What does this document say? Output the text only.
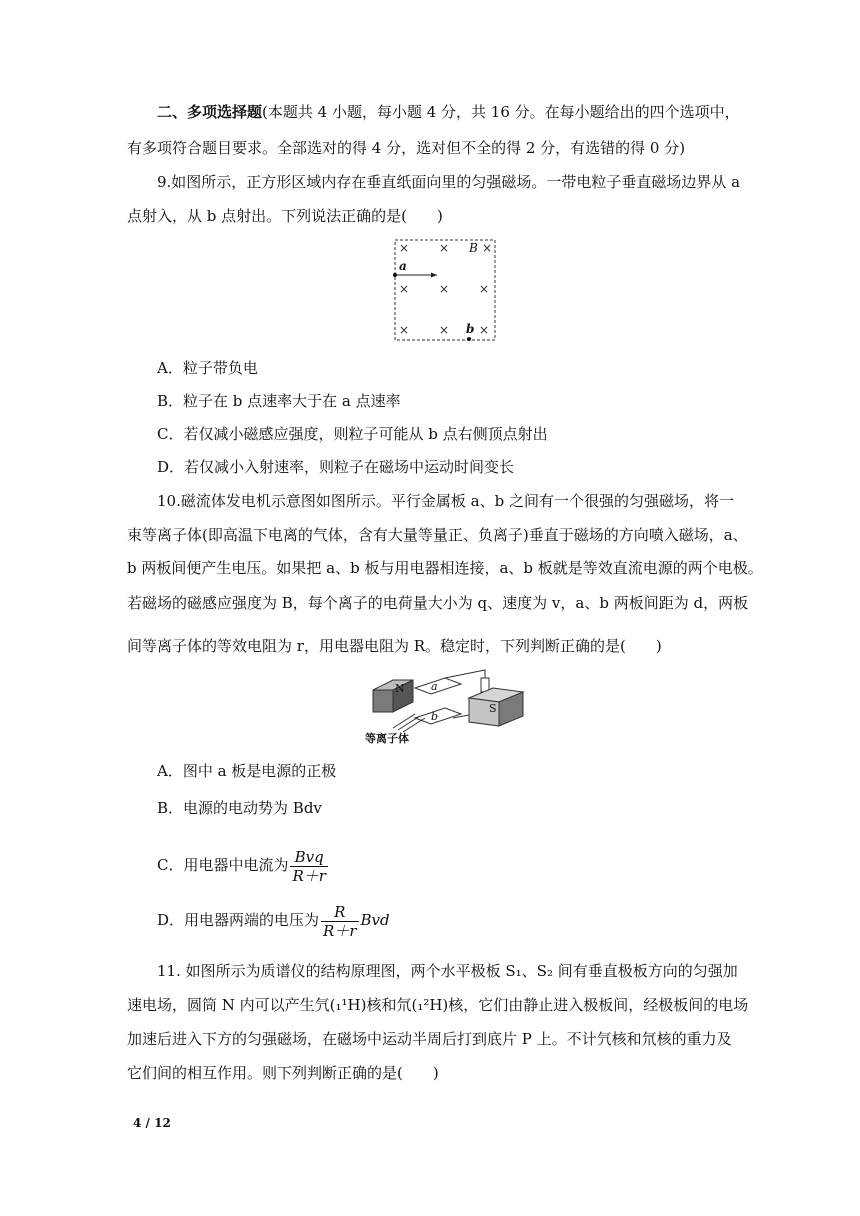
二、多项选择题(本题共 4 小题，每小题 4 分，共 16 分。在每小题给出的四个选项中，
有多项符合题目要求。全部选对的得 4 分，选对但不全的得 2 分，有选错的得 0 分)
9.如图所示，正方形区域内存在垂直纸面向里的匀强磁场。一带电粒子垂直磁场边界从 a
点射入，从 b 点射出。下列说法正确的是(　　)
× ×	×
× × ×
× × ×
a
B
b
A．粒子带负电
B．粒子在 b 点速率大于在 a 点速率
C．若仅减小磁感应强度，则粒子可能从 b 点右侧顶点射出
D．若仅减小入射速率，则粒子在磁场中运动时间变长
10.磁流体发电机示意图如图所示。平行金属板 a、b 之间有一个很强的匀强磁场，将一
束等离子体(即高温下电离的气体，含有大量等量正、负离子)垂直于磁场的方向喷入磁场，a、
b 两板间便产生电压。如果把 a、b 板与用电器相连接，a、b 板就是等效直流电源的两个电极。
若磁场的磁感应强度为 B，每个离子的电荷量大小为 q、速度为 v，a、b 两板间距为 d，两板
间等离子体的等效电阻为 r，用电器电阻为 R。稳定时，下列判断正确的是(　　)
N a
b
S
等离子体
A．图中 a 板是电源的正极
B．电源的电动势为 Bdv
C．用电器中电流为 $\frac{\text{Bvq}}{R+r}$
D．用电器两端的电压为 $\frac{R}{R+r}$ Bvd
11. 如图所示为质谱仪的结构原理图，两个水平极板 S₁、S₂ 间有垂直极板方向的匀强加
速电场，圆筒 N 内可以产生氕(₁¹H)核和氘(₁²H)核，它们由静止进入极板间，经极板间的电场
加速后进入下方的匀强磁场，在磁场中运动半周后打到底片 P 上。不计氕核和氘核的重力及
它们间的相互作用。则下列判断正确的是(　　)
4 / 12
